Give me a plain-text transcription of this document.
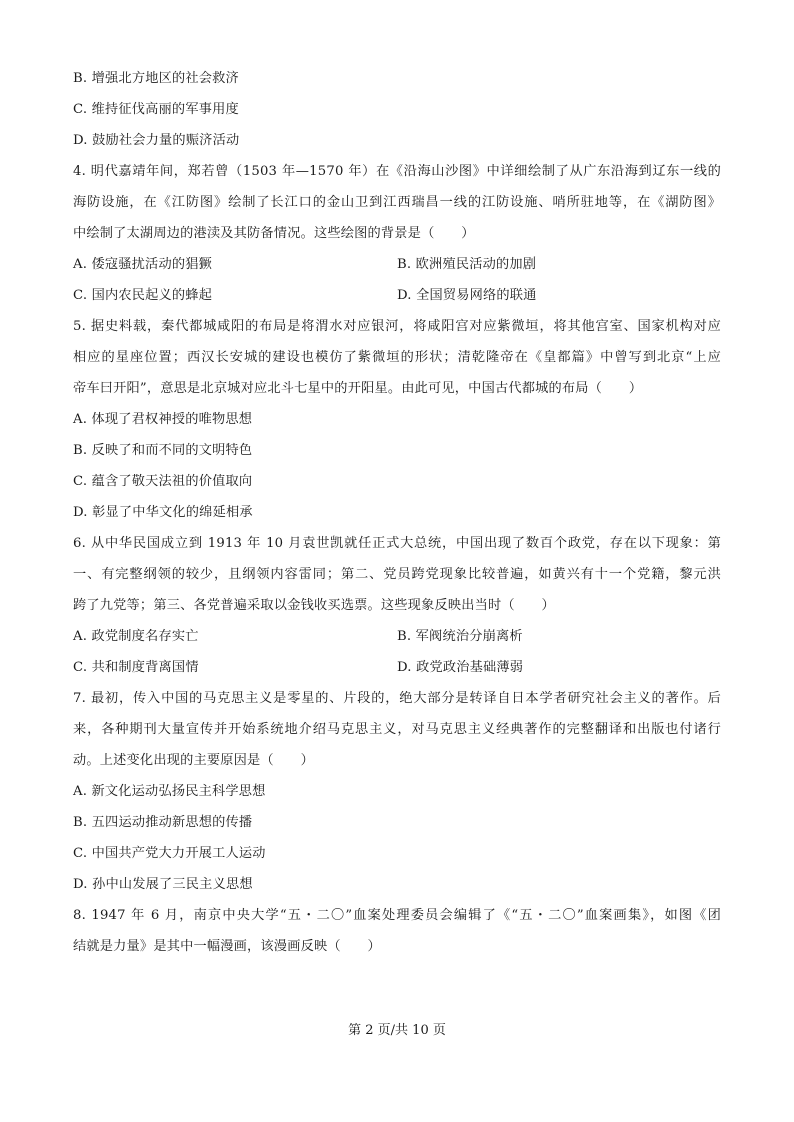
B. 增强北方地区的社会救济
C. 维持征伐高丽的军事用度
D. 鼓励社会力量的赈济活动
4. 明代嘉靖年间，郑若曾（1503 年—1570 年）在《沿海山沙图》中详细绘制了从广东沿海到辽东一线的
海防设施，在《江防图》绘制了长江口的金山卫到江西瑞昌一线的江防设施、哨所驻地等，在《湖防图》
中绘制了太湖周边的港渎及其防备情况。这些绘图的背景是（　　）
A. 倭寇骚扰活动的猖獗	B. 欧洲殖民活动的加剧
C. 国内农民起义的蜂起	D. 全国贸易网络的联通
5. 据史料载，秦代都城咸阳的布局是将渭水对应银河，将咸阳宫对应紫微垣，将其他宫室、国家机构对应
相应的星座位置；西汉长安城的建设也模仿了紫微垣的形状；清乾隆帝在《皇都篇》中曾写到北京“上应
帝车曰开阳”，意思是北京城对应北斗七星中的开阳星。由此可见，中国古代都城的布局（　　）
A. 体现了君权神授的唯物思想
B. 反映了和而不同的文明特色
C. 蕴含了敬天法祖的价值取向
D. 彰显了中华文化的绵延相承
6. 从中华民国成立到 1913 年 10 月袁世凯就任正式大总统，中国出现了数百个政党，存在以下现象：第
一、有完整纲领的较少，且纲领内容雷同；第二、党员跨党现象比较普遍，如黄兴有十一个党籍，黎元洪
跨了九党等；第三、各党普遍采取以金钱收买选票。这些现象反映出当时（　　）
A. 政党制度名存实亡	B. 军阀统治分崩离析
C. 共和制度背离国情	D. 政党政治基础薄弱
7. 最初，传入中国的马克思主义是零星的、片段的，绝大部分是转译自日本学者研究社会主义的著作。后
来，各种期刊大量宣传并开始系统地介绍马克思主义，对马克思主义经典著作的完整翻译和出版也付诸行
动。上述变化出现的主要原因是（　　）
A. 新文化运动弘扬民主科学思想
B. 五四运动推动新思想的传播
C. 中国共产党大力开展工人运动
D. 孙中山发展了三民主义思想
8. 1947 年 6 月，南京中央大学“五・二〇”血案处理委员会编辑了《“五・二〇”血案画集》，如图《团
结就是力量》是其中一幅漫画，该漫画反映（　　）
第 2 页/共 10 页
